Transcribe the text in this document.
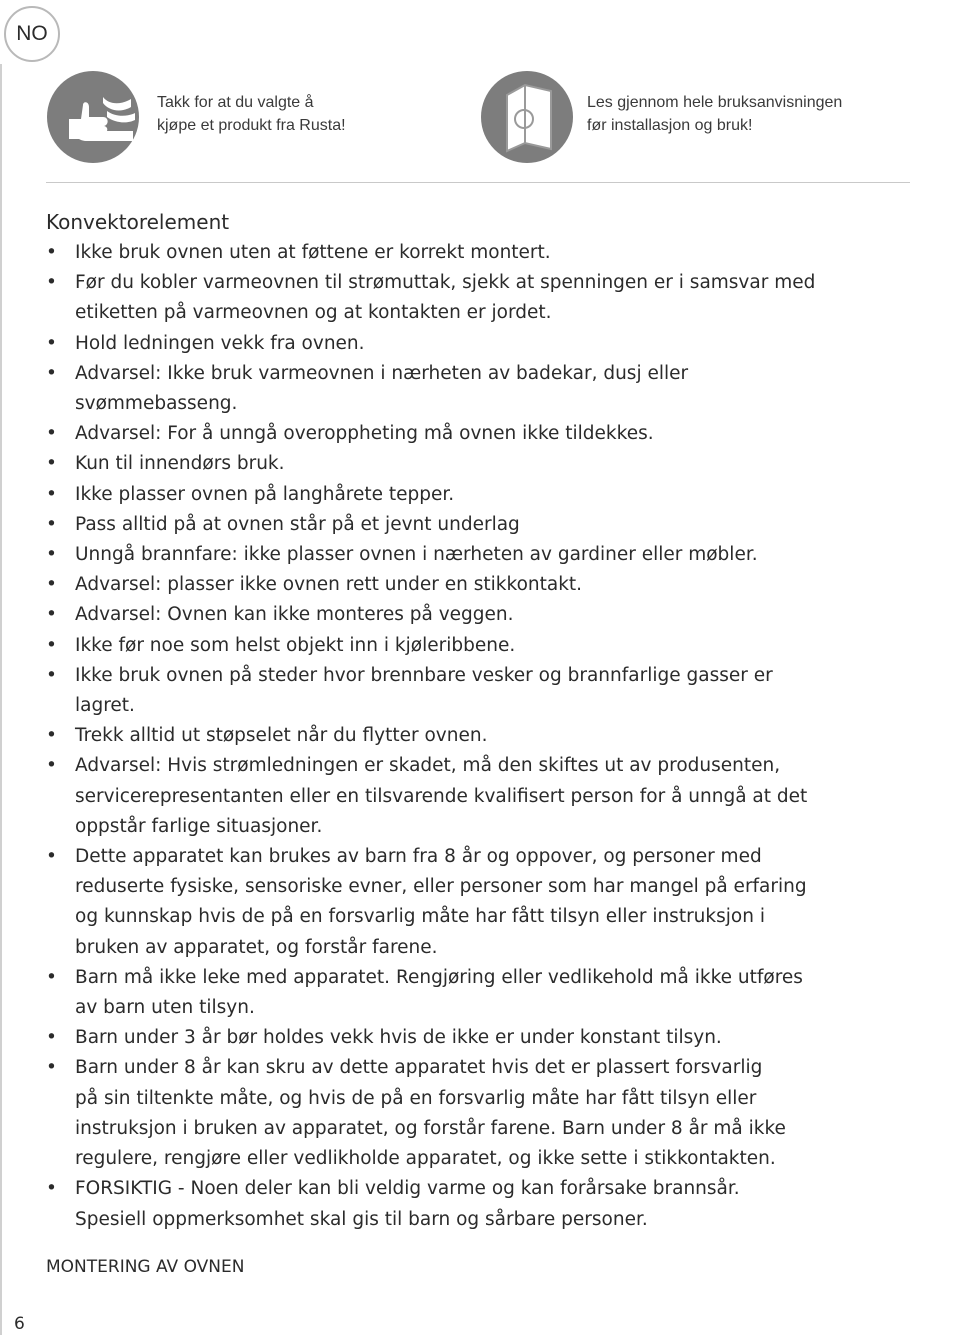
NO
Takk for at du valgte å
kjøpe et produkt fra Rusta!
Les gjennom hele bruksanvisningen
før installasjon og bruk!
Konvektorelement
• Ikke bruk ovnen uten at føttene er korrekt montert.
• Før du kobler varmeovnen til strømuttak, sjekk at spenningen er i samsvar med
etiketten på varmeovnen og at kontakten er jordet.
• Hold ledningen vekk fra ovnen.
• Advarsel: Ikke bruk varmeovnen i nærheten av badekar, dusj eller
svømmebasseng.
• Advarsel: For å unngå overoppheting må ovnen ikke tildekkes.
• Kun til innendørs bruk.
• Ikke plasser ovnen på langhårete tepper.
• Pass alltid på at ovnen står på et jevnt underlag
• Unngå brannfare: ikke plasser ovnen i nærheten av gardiner eller møbler.
• Advarsel: plasser ikke ovnen rett under en stikkontakt.
• Advarsel: Ovnen kan ikke monteres på veggen.
• Ikke før noe som helst objekt inn i kjøleribbene.
• Ikke bruk ovnen på steder hvor brennbare vesker og brannfarlige gasser er
lagret.
• Trekk alltid ut støpselet når du flytter ovnen.
• Advarsel: Hvis strømledningen er skadet, må den skiftes ut av produsenten,
servicerepresentanten eller en tilsvarende kvalifisert person for å unngå at det
oppstår farlige situasjoner.
• Dette apparatet kan brukes av barn fra 8 år og oppover, og personer med
reduserte fysiske, sensoriske evner, eller personer som har mangel på erfaring
og kunnskap hvis de på en forsvarlig måte har fått tilsyn eller instruksjon i
bruken av apparatet, og forstår farene.
• Barn må ikke leke med apparatet. Rengjøring eller vedlikehold må ikke utføres
av barn uten tilsyn.
• Barn under 3 år bør holdes vekk hvis de ikke er under konstant tilsyn.
• Barn under 8 år kan skru av dette apparatet hvis det er plassert forsvarlig
på sin tiltenkte måte, og hvis de på en forsvarlig måte har fått tilsyn eller
instruksjon i bruken av apparatet, og forstår farene. Barn under 8 år må ikke
regulere, rengjøre eller vedlikholde apparatet, og ikke sette i stikkontakten.
• FORSIKTIG - Noen deler kan bli veldig varme og kan forårsake brannsår.
Spesiell oppmerksomhet skal gis til barn og sårbare personer.
MONTERING AV OVNEN
6
